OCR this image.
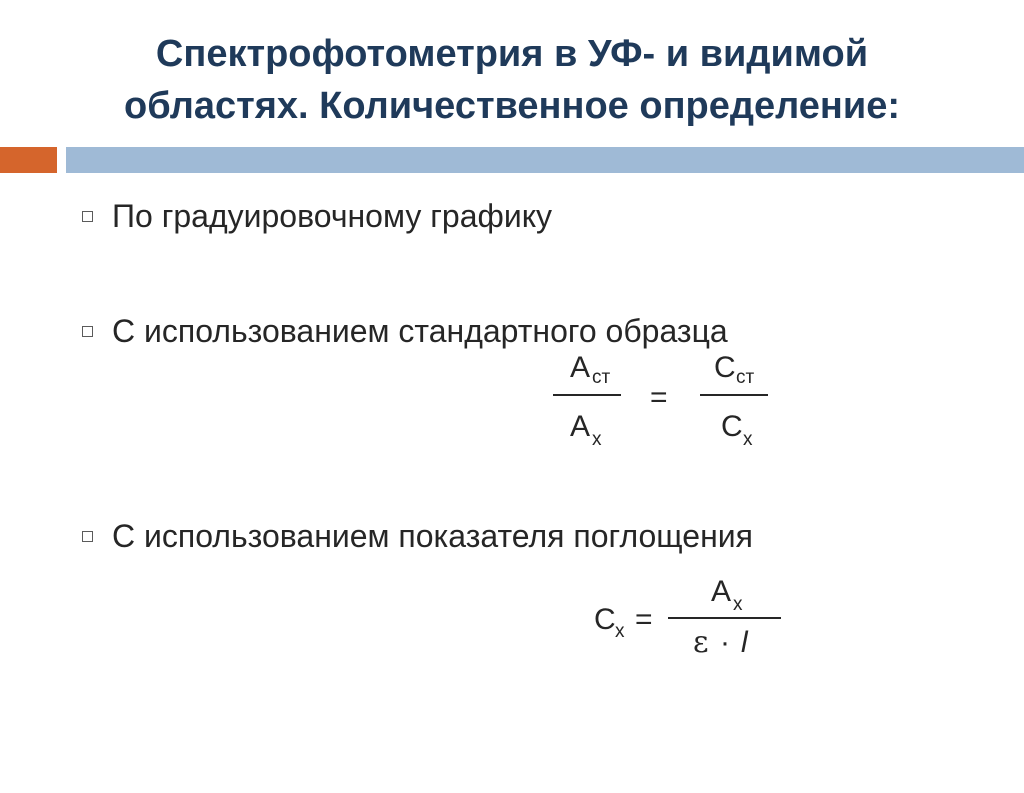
Спектрофотометрия в УФ- и видимой
областях. Количественное определение:
По градуировочному графику
С использованием стандартного образца
С использованием показателя поглощения
A ст
A x
=
C ст
C x
C x =
A x
ε · l
